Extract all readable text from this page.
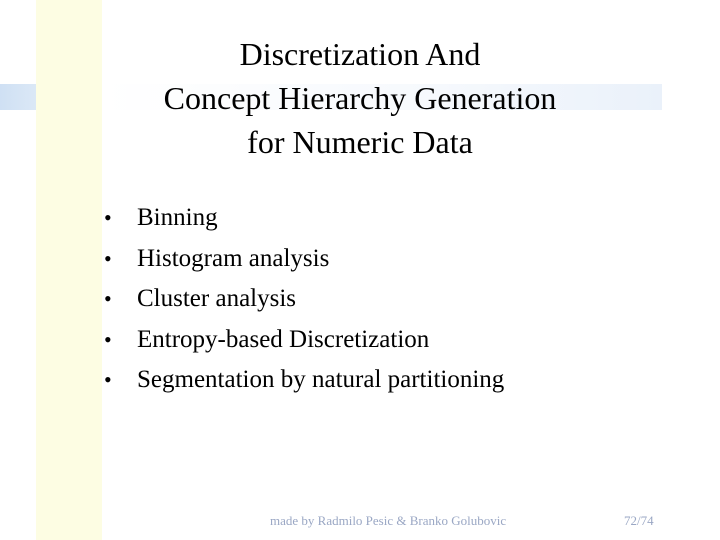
Discretization And
Concept Hierarchy Generation
for Numeric Data
•	Binning
•	Histogram analysis
•	Cluster analysis
•	Entropy-based Discretization
•	Segmentation by natural partitioning
made by Radmilo Pesic & Branko Golubovic	72/74
